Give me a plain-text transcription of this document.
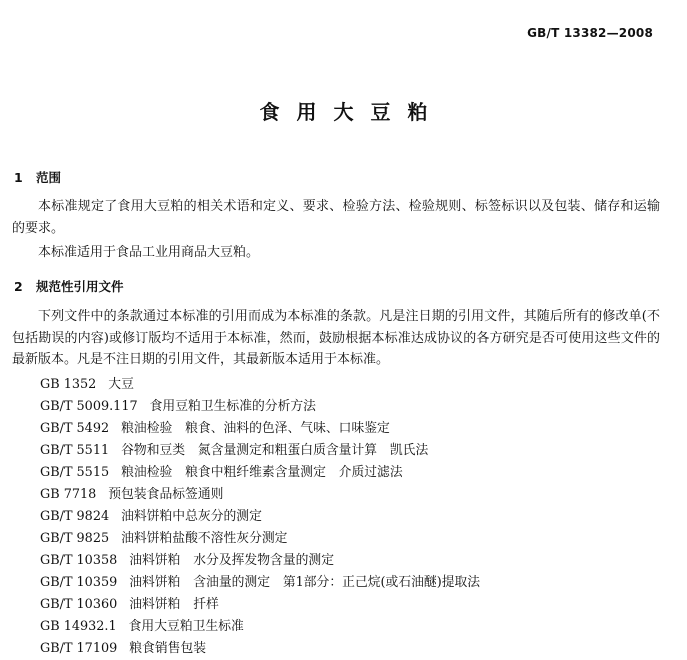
GB/T 13382—2008
食用大豆粕
1 范围
本标准规定了食用大豆粕的相关术语和定义、要求、检验方法、检验规则、标签标识以及包装、储存和运输的要求。
本标准适用于食品工业用商品大豆粕。
2 规范性引用文件
下列文件中的条款通过本标准的引用而成为本标准的条款。凡是注日期的引用文件，其随后所有的修改单(不包括勘误的内容)或修订版均不适用于本标准，然而，鼓励根据本标准达成协议的各方研究是否可使用这些文件的最新版本。凡是不注日期的引用文件，其最新版本适用于本标准。
GB 1352 大豆
GB/T 5009.117 食用豆粕卫生标准的分析方法
GB/T 5492 粮油检验　粮食、油料的色泽、气味、口味鉴定
GB/T 5511 谷物和豆类　氮含量测定和粗蛋白质含量计算　凯氏法
GB/T 5515 粮油检验　粮食中粗纤维素含量测定　介质过滤法
GB 7718 预包装食品标签通则
GB/T 9824 油料饼粕中总灰分的测定
GB/T 9825 油料饼粕盐酸不溶性灰分测定
GB/T 10358 油料饼粕　水分及挥发物含量的测定
GB/T 10359 油料饼粕　含油量的测定　第1部分：正己烷(或石油醚)提取法
GB/T 10360 油料饼粕　扦样
GB 14932.1 食用大豆粕卫生标准
GB/T 17109 粮食销售包装
